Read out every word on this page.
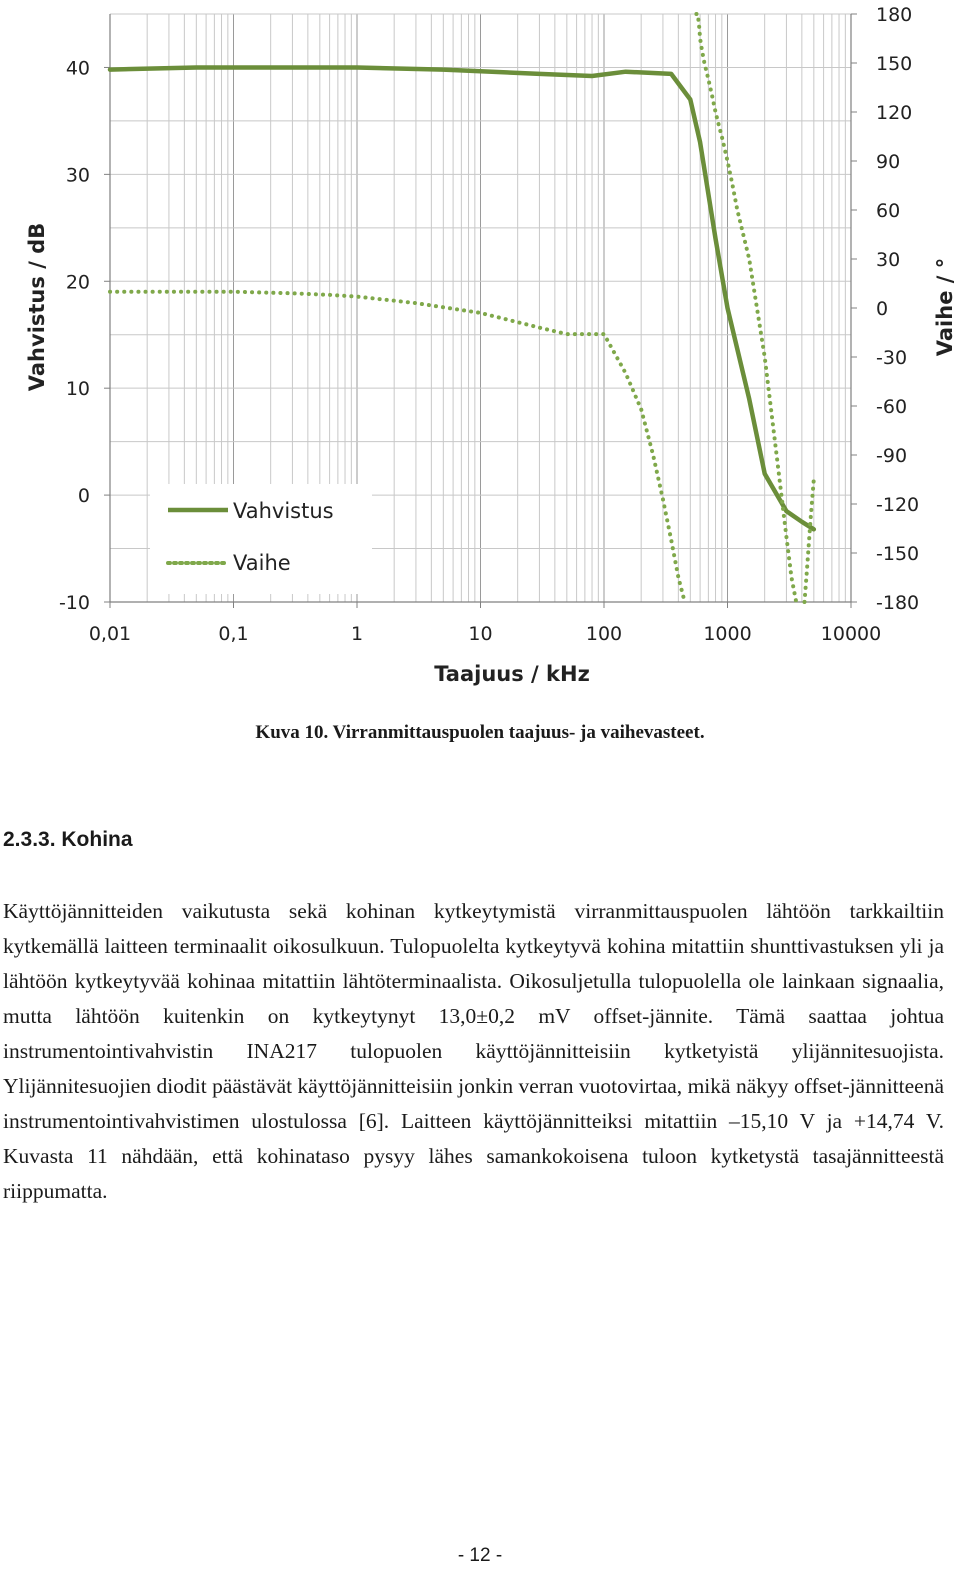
0,01	0,1	1	10	100	1000	10000
-10
0
10
20
30
40
-180
-150
-120
-90
-60
-30
0
30
60
90
120
150
180
Vahvistus
Vaihe
Taajuus / kHz
Vahvistus / dB	Vaihe / °
Kuva 10. Virranmittauspuolen taajuus- ja vaihevasteet.
2.3.3. Kohina

Käyttöjännitteiden vaikutusta sekä kohinan kytkeytymistä virranmittauspuolen lähtöön tarkkailtiin kytkemällä laitteen terminaalit oikosulkuun. Tulopuolelta kytkeytyvä kohina mitattiin shunttivastuksen yli ja lähtöön kytkeytyvää kohinaa mitattiin lähtöterminaalista. Oikosuljetulla tulopuolella ole lainkaan signaalia, mutta lähtöön kuitenkin on kytkeytynyt 13,0±0,2 mV offset-jännite. Tämä saattaa johtua instrumentointivahvistin INA217 tulopuolen käyttöjännitteisiin kytketyistä ylijännitesuojista. Ylijännitesuojien diodit päästävät käyttöjännitteisiin jonkin verran vuotovirtaa, mikä näkyy offset-jännitteenä instrumentointivahvistimen ulostulossa [6]. Laitteen käyttöjännitteiksi mitattiin –15,10 V ja +14,74 V. Kuvasta 11 nähdään, että kohinataso pysyy lähes samankokoisena tuloon kytketystä tasajännitteestä riippumatta.

- 12 -
